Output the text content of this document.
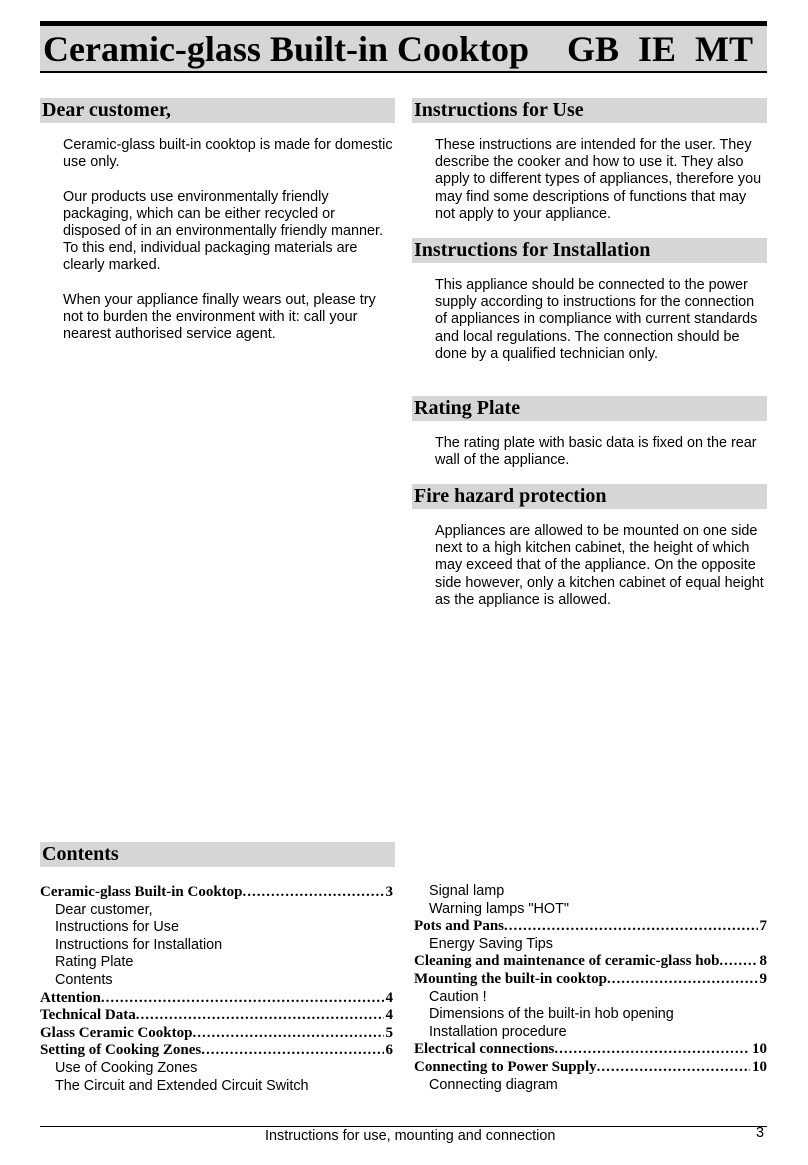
Ceramic-glass Built-in Cooktop GB IE MT
Dear customer,

Ceramic-glass built-in cooktop is made for domestic use only.

Our products use environmentally friendly packaging, which can be either recycled or disposed of in an environmentally friendly manner.

To this end, individual packaging materials are clearly marked.

When your appliance finally wears out, please try not to burden the environment with it: call your nearest authorised service agent.

Instructions for Use
These instructions are intended for the user. They describe the cooker and how to use it. They also apply to different types of appliances, therefore you may find some descriptions of functions that may not apply to your appliance.
Instructions for Installation
This appliance should be connected to the power supply according to instructions for the connection of appliances in compliance with current standards and local regulations. The connection should be done by a qualified technician only.
Rating Plate
The rating plate with basic data is fixed on the rear wall of the appliance.
Fire hazard protection
Appliances are allowed to be mounted on one side next to a high kitchen cabinet, the height of which may exceed that of the appliance. On the opposite side however, only a kitchen cabinet of equal height as the appliance is allowed.
Contents
Ceramic-glass Built-in Cooktop .....	3
Dear customer,
Instructions for Use
Instructions for Installation
Rating Plate
Contents
Attention .....	4
Technical Data .....	4
Glass Ceramic Cooktop .....	5
Setting of Cooking Zones .....	6
Use of Cooking Zones
The Circuit and Extended Circuit Switch
Signal lamp
Warning lamps "HOT"
Pots and Pans .....	7
Energy Saving Tips
Cleaning and maintenance of ceramic-glass hob .....	8
Mounting the built-in cooktop .....	9
Caution !
Dimensions of the built-in hob opening
Installation procedure
Electrical connections .....	10
Connecting to Power Supply .....	10
Connecting diagram
Instructions for use, mounting and connection	3
